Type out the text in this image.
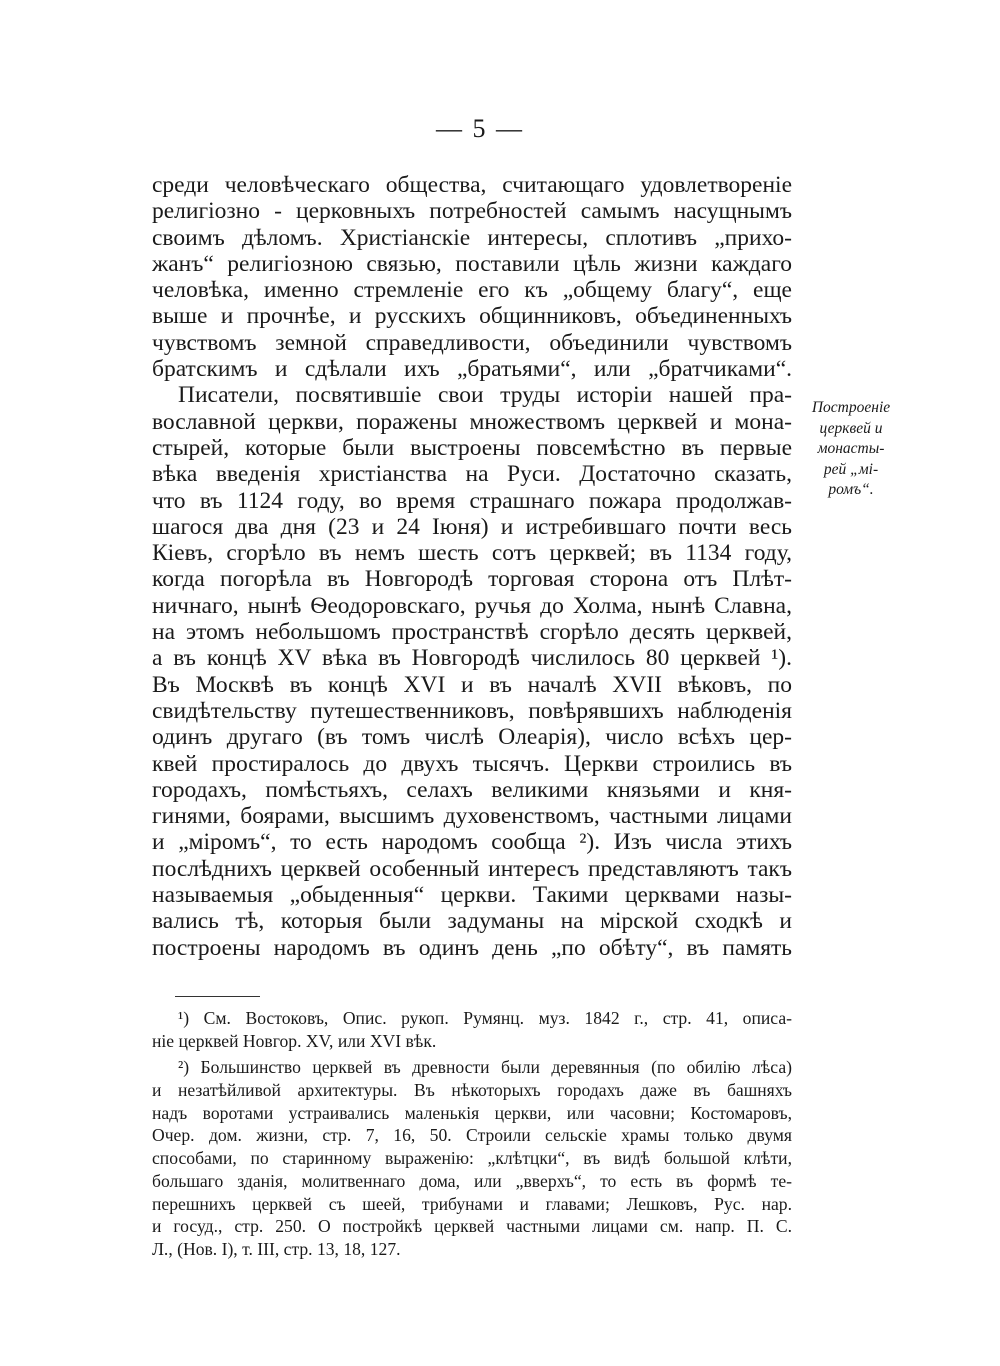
— 5 —
среди человѣческаго общества, считающаго удовлетвореніе
религіозно - церковныхъ потребностей самымъ насущнымъ
своимъ дѣломъ. Христіанскіе интересы, сплотивъ „прихо-
жанъ“ религіозною связью, поставили цѣль жизни каждаго
человѣка, именно стремленіе его къ „общему благу“, еще
выше и прочнѣе, и русскихъ общинниковъ, объединенныхъ
чувствомъ земной справедливости, объединили чувствомъ
братскимъ и сдѣлали ихъ „братьями“, или „братчиками“.
Писатели, посвятившіе свои труды исторіи нашей пра-
вославной церкви, поражены множествомъ церквей и мона-
стырей, которые были выстроены повсемѣстно въ первые
вѣка введенія христіанства на Руси. Достаточно сказать,
что въ 1124 году, во время страшнаго пожара продолжав-
шагося два дня (23 и 24 Іюня) и истребившаго почти весь
Кіевъ, сгорѣло въ немъ шесть сотъ церквей; въ 1134 году,
когда погорѣла въ Новгородѣ торговая сторона отъ Плѣт-
ничнаго, нынѣ Ѳеодоровскаго, ручья до Холма, нынѣ Славна,
на этомъ небольшомъ пространствѣ сгорѣло десять церквей,
а въ концѣ XV вѣка въ Новгородѣ числилось 80 церквей ¹).
Въ Москвѣ въ концѣ XVI и въ началѣ XVII вѣковъ, по
свидѣтельству путешественниковъ, повѣрявшихъ наблюденія
одинъ другаго (въ томъ числѣ Олеарія), число всѣхъ цер-
квей простиралось до двухъ тысячъ. Церкви строились въ
городахъ, помѣстьяхъ, селахъ великими князьями и кня-
гинями, боярами, высшимъ духовенствомъ, частными лицами
и „міромъ“, то есть народомъ сообща ²). Изъ числа этихъ
послѣднихъ церквей особенный интересъ представляютъ такъ
называемыя „обыденныя“ церкви. Такими церквами назы-
вались тѣ, которыя были задуманы на мірской сходкѣ и
построены народомъ въ одинъ день „по обѣту“, въ память
Построеніе
церквей и
монасты-
рей „мі-
ромъ“.
¹) См. Востоковъ, Опис. рукоп. Румянц. муз. 1842 г., стр. 41, описа-
ніе церквей Новгор. XV, или XVI вѣк.
²) Большинство церквей въ древности были деревянныя (по обилію лѣса)
и незатѣйливой архитектуры. Въ нѣкоторыхъ городахъ даже въ башняхъ
надъ воротами устраивались маленькія церкви, или часовни; Костомаровъ,
Очер. дом. жизни, стр. 7, 16, 50. Строили сельскіе храмы только двумя
способами, по старинному выраженію: „клѣтцки“, въ видѣ большой клѣти,
большаго зданія, молитвеннаго дома, или „вверхъ“, то есть въ формѣ те-
перешнихъ церквей съ шеей, трибунами и главами; Лешковъ, Рус. нар.
и госуд., стр. 250. О постройкѣ церквей частными лицами см. напр. П. С.
Л., (Нов. I), т. III, стр. 13, 18, 127.
